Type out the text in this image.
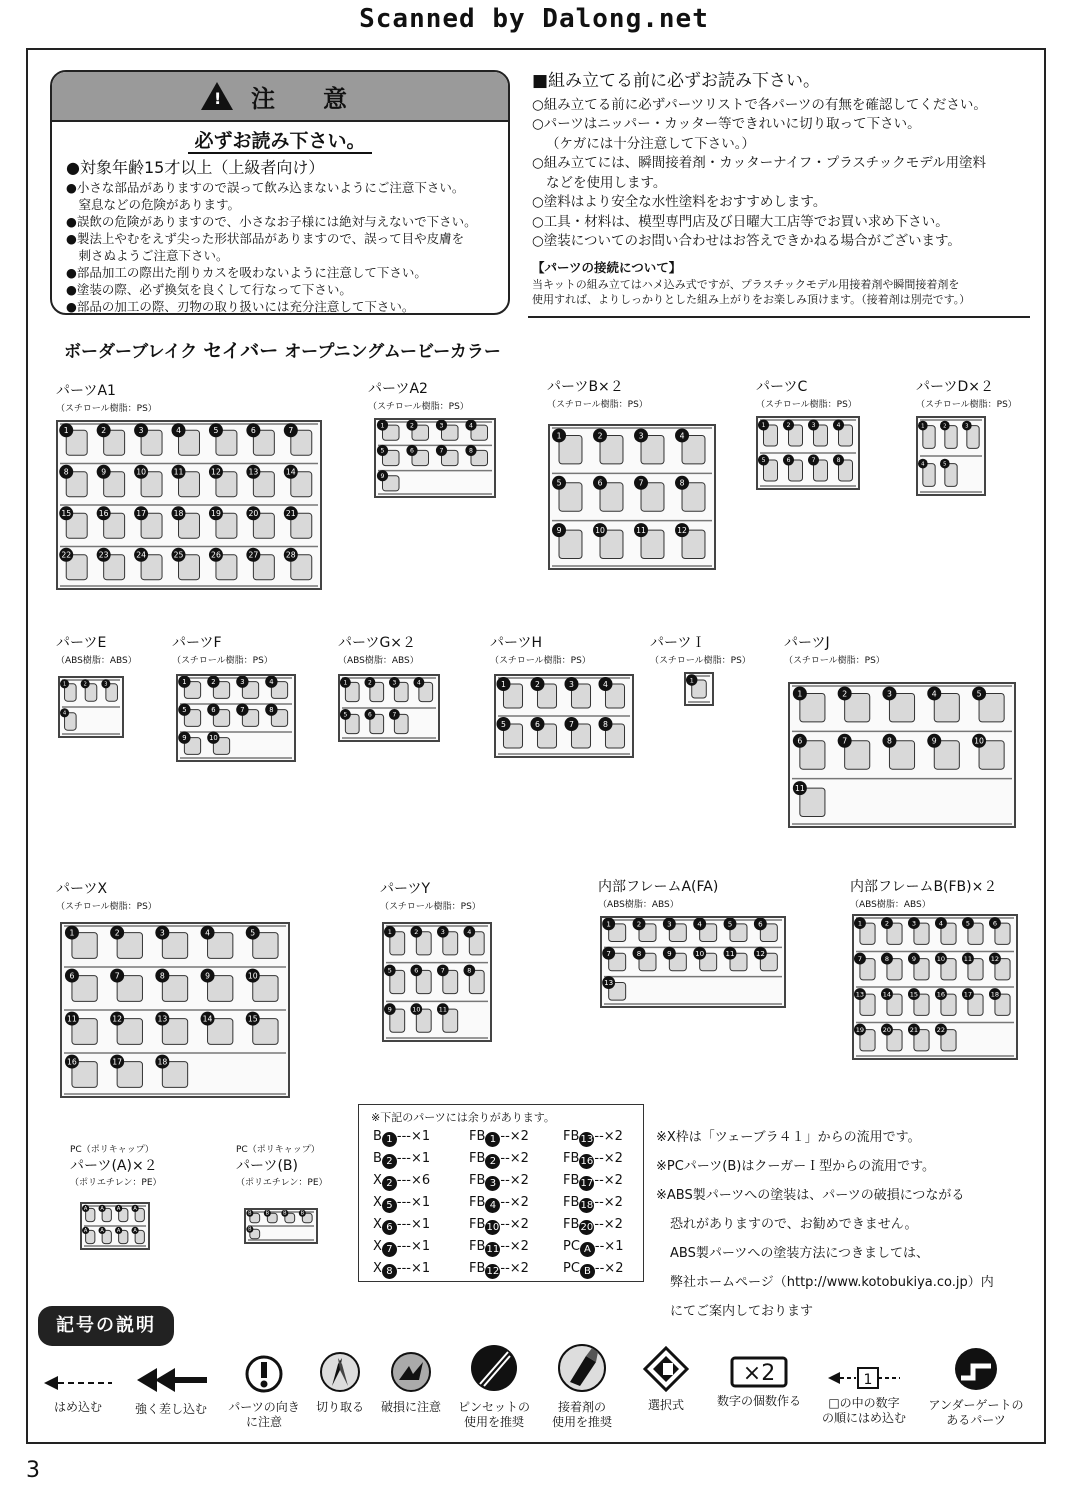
Scanned by Dalong.net
! 注　意
必ずお読み下さい。
●対象年齢15才以上（上級者向け）
●小さな部品がありますので誤って飲み込まないようにご注意下さい。
　窒息などの危険があります。
●誤飲の危険がありますので、小さなお子様には絶対与えないで下さい。
●製法上やむをえず尖った形状部品がありますので、誤って目や皮膚を
　刺さぬようご注意下さい。
●部品加工の際出た削りカスを吸わないように注意して下さい。
●塗装の際、必ず換気を良くして行なって下さい。
●部品の加工の際、刃物の取り扱いには充分注意して下さい。
■組み立てる前に必ずお読み下さい。
○組み立てる前に必ずパーツリストで各パーツの有無を確認してください。
○パーツはニッパー・カッター等できれいに切り取って下さい。
（ケガには十分注意して下さい。）
○組み立てには、瞬間接着剤・カッターナイフ・プラスチックモデル用塗料
などを使用します。
○塗料はより安全な水性塗料をおすすめします。
○工具・材料は、模型専門店及び日曜大工店等でお買い求め下さい。
○塗装についてのお問い合わせはお答えできかねる場合がございます。
【パーツの接続について】
当キットの組み立てはハメ込み式ですが、プラスチックモデル用接着剤や瞬間接着剤を
使用すれば、よりしっかりとした組み上がりをお楽しみ頂けます。（接着剤は別売です。）
ボーダーブレイク セイバー オープニングムービーカラー
パーツA1
（スチロール樹脂：PS）
パーツA2
（スチロール樹脂：PS）
パーツB×２
（スチロール樹脂：PS）
パーツC
（スチロール樹脂：PS）
パーツD×２
（スチロール樹脂：PS）
パーツE
（ABS樹脂：ABS）
パーツF
（スチロール樹脂：PS）
パーツG×２
（ABS樹脂：ABS）
パーツH
（スチロール樹脂：PS）
パーツＩ
（スチロール樹脂：PS）
パーツJ
（スチロール樹脂：PS）
パーツX
（スチロール樹脂：PS）
パーツY
（スチロール樹脂：PS）
内部フレームA(FA)
（ABS樹脂：ABS）
内部フレームB(FB)×２
（ABS樹脂：ABS）
PC（ポリキャップ）
パーツ(A)×２
（ポリエチレン：PE）
PC（ポリキャップ）
パーツ(B)
（ポリエチレン：PE）
1	2	3	4	5	6	7
8	9	10	11	12	13	14
15	16	17	18	19	20	21
22	23	24	25	26	27	28
1	2	3	4
5	6	7	8
9
1	2	3	4
5	6	7	8
9	10	11	12
1	2	3	4
5	6	7	8
1	2	3
4	5
1	2	3
4
1	2	3	4
5	6	7	8
9	10
1	2	3	4
5	6	7
1	2	3	4
5	6	7	8
1
1	2	3	4	5
6	7	8	9	10
11
1	2	3	4	5
6	7	8	9	10
11	12	13	14	15
16	17	18
1	2	3	4
5	6	7	8
9	10	11
1	2	3	4	5	6
7	8	9	10	11	12
13
1	2	3	4	5	6
7	8	9	10	11	12
13	14	15	16	17	18
19	20	21	22
A	A	A	A
A	A	A	A
B	B	B	B
B
※下記のパーツには余りがあります。
B 1 ---×1	FB 1 --×2	FB13--×2
B 2 ---×1	FB 2 --×2	FB16--×2
X 2 ---×6	FB 3 --×2	FB17--×2
X 5 ---×1	FB 4 --×2	FB18--×2
X 6 ---×1	FB10--×2	FB20--×2
X 7 ---×1	FB11--×2	PC A --×1
X 8 ---×1	FB12--×2	PC B --×2
※X枠は「ツェーブラ４１」からの流用です。
※PCパーツ(B)はクーガーＩ型からの流用です。
※ABS製パーツへの塗装は、パーツの破損につながる
恐れがありますので、お勧めできません。
ABS製パーツへの塗装方法につきましては、
弊社ホームページ（http://www.kotobukiya.co.jp）内
にてご案内しております
記号の説明
はめ込む	強く差し込む	パーツの向き
に注意
切り取る	破損に注意	ピンセットの
使用を推奨
接着剤の
使用を推奨
選択式
×2
数字の個数作る
1
□の中の数字
の順にはめ込む
アンダーゲートの
あるパーツ
3
